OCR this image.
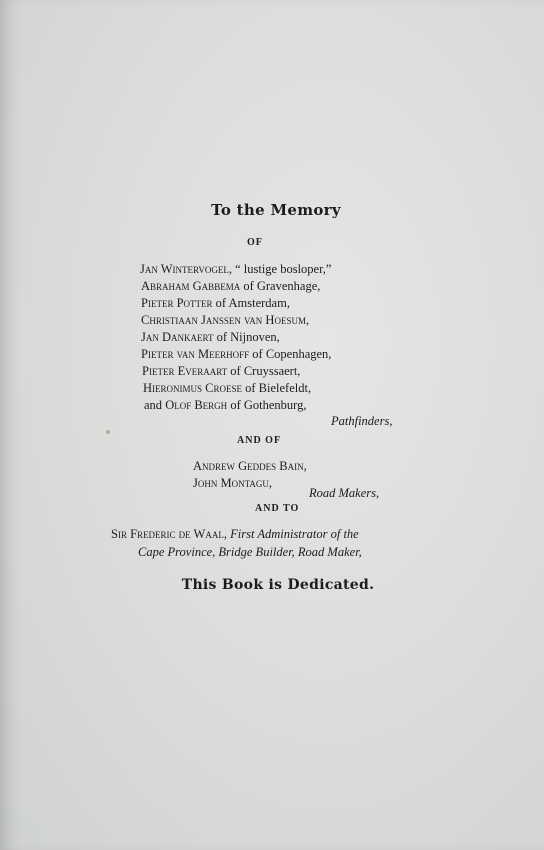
To the Memory
OF
Jan Wintervogel, “ lustige bosloper,”
Abraham Gabbema of Gravenhage,
Pieter Potter of Amsterdam,
Christiaan Janssen van Hoesum,
Jan Dankaert of Nijnoven,
Pieter van Meerhoff of Copenhagen,
Pieter Everaart of Cruyssaert,
Hieronimus Croese of Bielefeldt,
and Olof Bergh of Gothenburg,
Pathfinders,
AND OF
Andrew Geddes Bain,
John Montagu,
Road Makers,
AND TO
Sir Frederic de Waal, First Administrator of the
Cape Province, Bridge Builder, Road Maker,
This Book is Dedicated.
